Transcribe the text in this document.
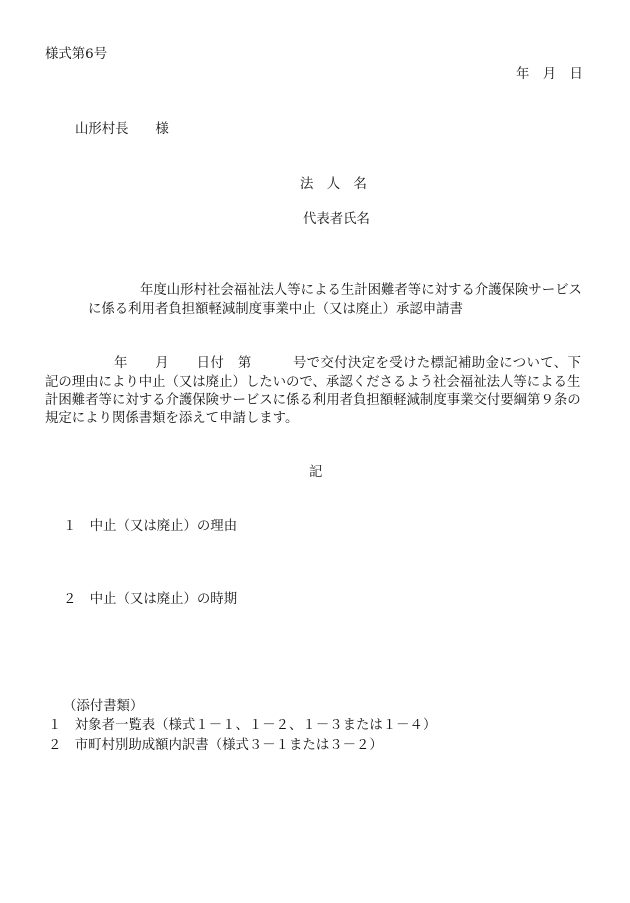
様式第6号
年　月　日
山形村長　　様
法　人　名
代表者氏名
年度山形村社会福祉法人等による生計困難者等に対する介護保険サービス
に係る利用者負担額軽減制度事業中止（又は廃止）承認申請書
年　　月　　日付　第　　　号で交付決定を受けた標記補助金について、下
記の理由により中止（又は廃止）したいので、承認くださるよう社会福祉法人等による生
計困難者等に対する介護保険サービスに係る利用者負担額軽減制度事業交付要綱第９条の
規定により関係書類を添えて申請します。
記
１ 中止（又は廃止）の理由
２ 中止（又は廃止）の時期
（添付書類）
１ 対象者一覧表（様式１－１、１－２、１－３または１－４）
２ 市町村別助成額内訳書（様式３－１または３－２）
